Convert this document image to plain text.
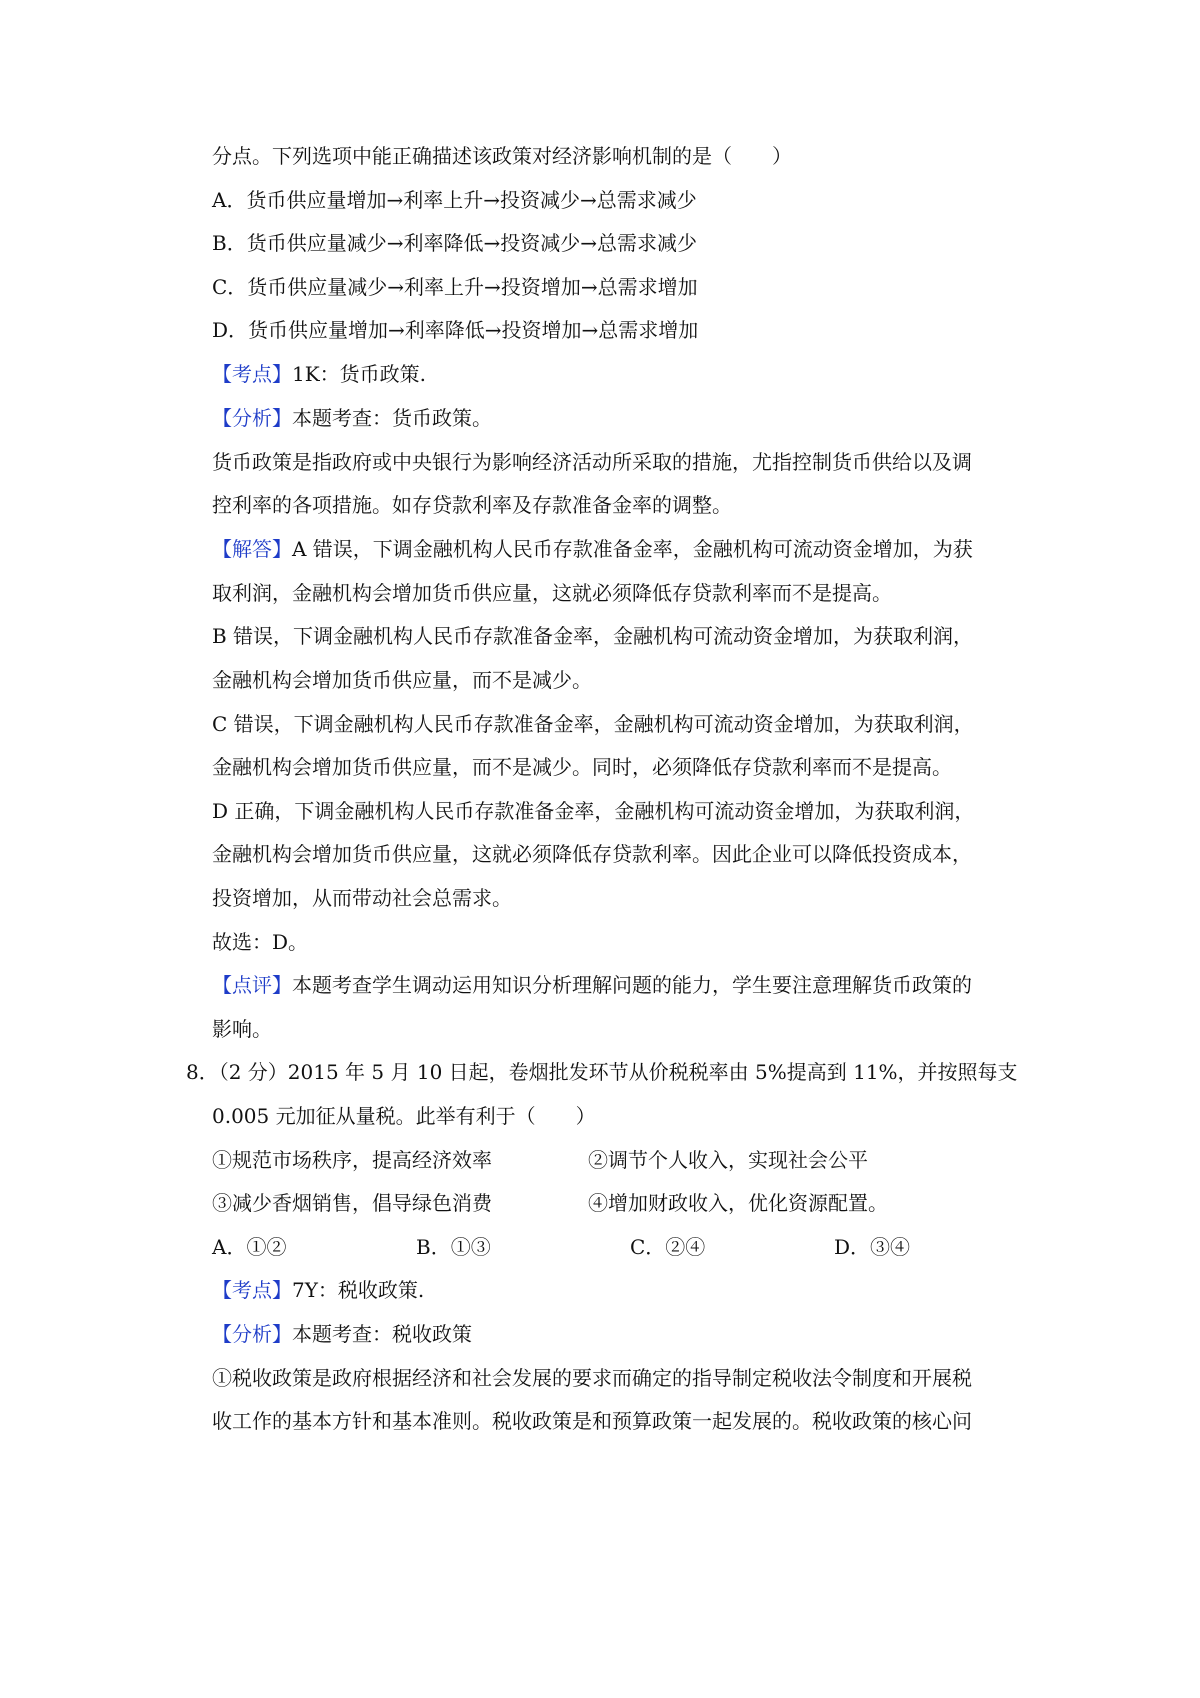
分点。下列选项中能正确描述该政策对经济影响机制的是（　　）
A．货币供应量增加→利率上升→投资减少→总需求减少
B．货币供应量减少→利率降低→投资减少→总需求减少
C．货币供应量减少→利率上升→投资增加→总需求增加
D．货币供应量增加→利率降低→投资增加→总需求增加
【考点】1K：货币政策.
【分析】本题考查：货币政策。
货币政策是指政府或中央银行为影响经济活动所采取的措施，尤指控制货币供给以及调
控利率的各项措施。如存贷款利率及存款准备金率的调整。
【解答】A 错误，下调金融机构人民币存款准备金率，金融机构可流动资金增加，为获
取利润，金融机构会增加货币供应量，这就必须降低存贷款利率而不是提高。
B 错误，下调金融机构人民币存款准备金率，金融机构可流动资金增加，为获取利润，
金融机构会增加货币供应量，而不是减少。
C 错误，下调金融机构人民币存款准备金率，金融机构可流动资金增加，为获取利润，
金融机构会增加货币供应量，而不是减少。同时，必须降低存贷款利率而不是提高。
D 正确，下调金融机构人民币存款准备金率，金融机构可流动资金增加，为获取利润，
金融机构会增加货币供应量，这就必须降低存贷款利率。因此企业可以降低投资成本，
投资增加，从而带动社会总需求。
故选：D。
【点评】本题考查学生调动运用知识分析理解问题的能力，学生要注意理解货币政策的
影响。
8．（2 分）2015 年 5 月 10 日起，卷烟批发环节从价税税率由 5%提高到 11%，并按照每支
0.005 元加征从量税。此举有利于（　　）
①规范市场秩序，提高经济效率	②调节个人收入，实现社会公平
③减少香烟销售，倡导绿色消费	④增加财政收入，优化资源配置。
A．①②	B．①③	C．②④	D．③④
【考点】7Y：税收政策.
【分析】本题考查：税收政策
①税收政策是政府根据经济和社会发展的要求而确定的指导制定税收法令制度和开展税
收工作的基本方针和基本准则。税收政策是和预算政策一起发展的。税收政策的核心问
